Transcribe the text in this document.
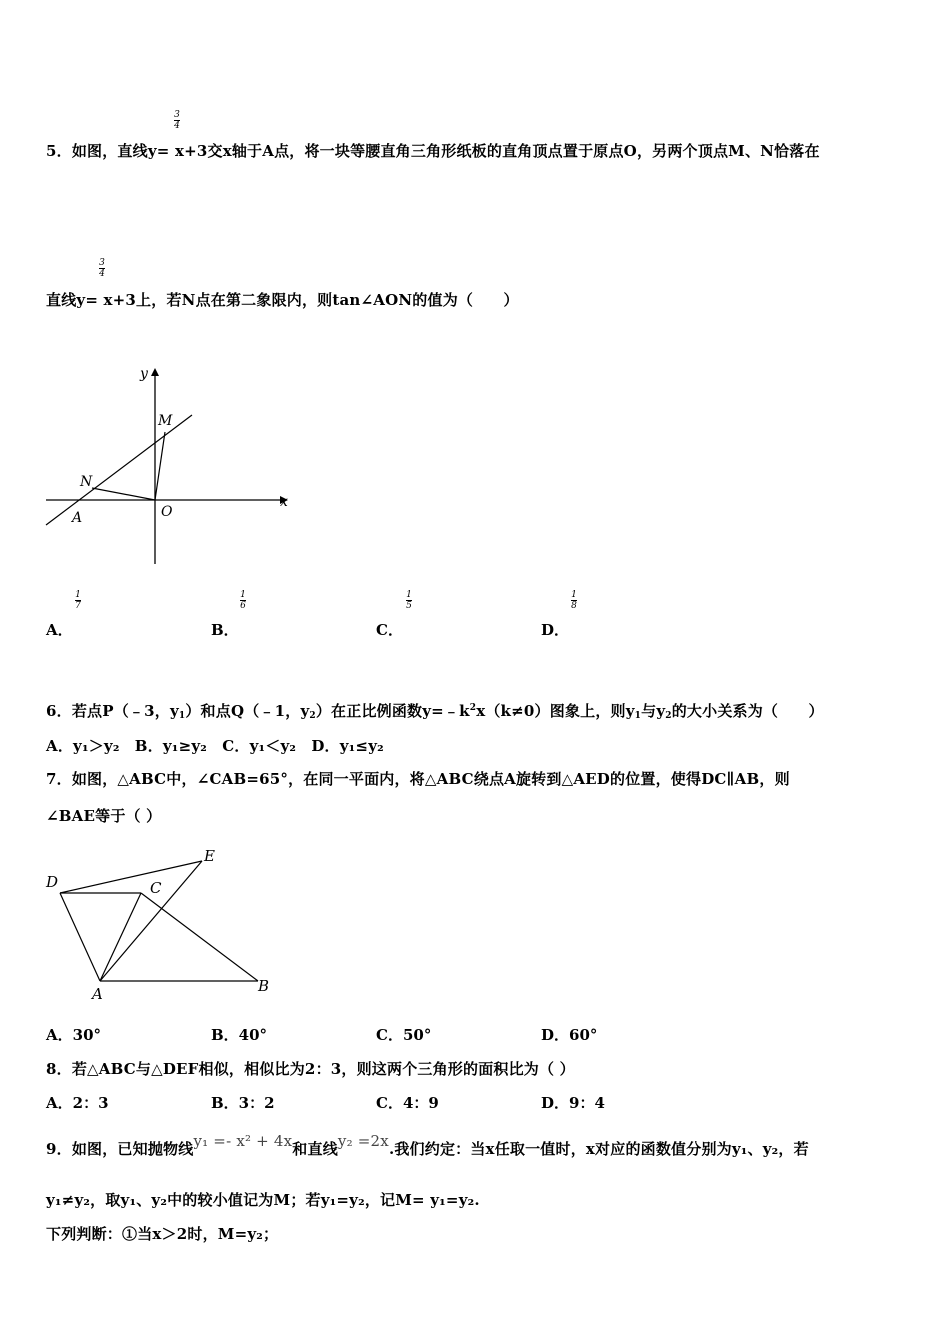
3
4
5．如图，直线y= x+3交x轴于A点，将一块等腰直角三角形纸板的直角顶点置于原点O，另两个顶点M、N恰落在
3
4
直线y= x+3上，若N点在第二象限内，则tan∠AON的值为（　　）
y
x
M
N
A	O
1
7
A．
1
6
B．
1
5
C．
1
8
D．
6．若点P（﹣3，$y_1$）和点Q（﹣1，$y_2$）在正比例函数$y=﹣k^2x(k\ne 0)$图象上，则$y_1$与$y_2$的大小关系为（　　）
A．y₁＞y₂　B．y₁≥y₂　C．y₁＜y₂　D．y₁≤y₂
7．如图，△ABC中，∠CAB=65°，在同一平面内，将△ABC绕点A旋转到△AED的位置，使得DC∥AB，则
∠BAE等于（ ）
D
E
C
A	B
A．30°	B．40°	C．50°	D．60°
8．若△ABC与△DEF相似，相似比为2：3，则这两个三角形的面积比为（ ）
A．2：3	B．3：2	C．4：9	D．9：4
9．如图，已知抛物线y₁ =- x² + 4x和直线y₂ =2x.我们约定：当x任取一值时，x对应的函数值分别为y₁、y₂，若
y₁≠y₂，取y₁、y₂中的较小值记为M；若y₁=y₂，记M= y₁=y₂.
下列判断：①当x＞2时，M=y₂；
